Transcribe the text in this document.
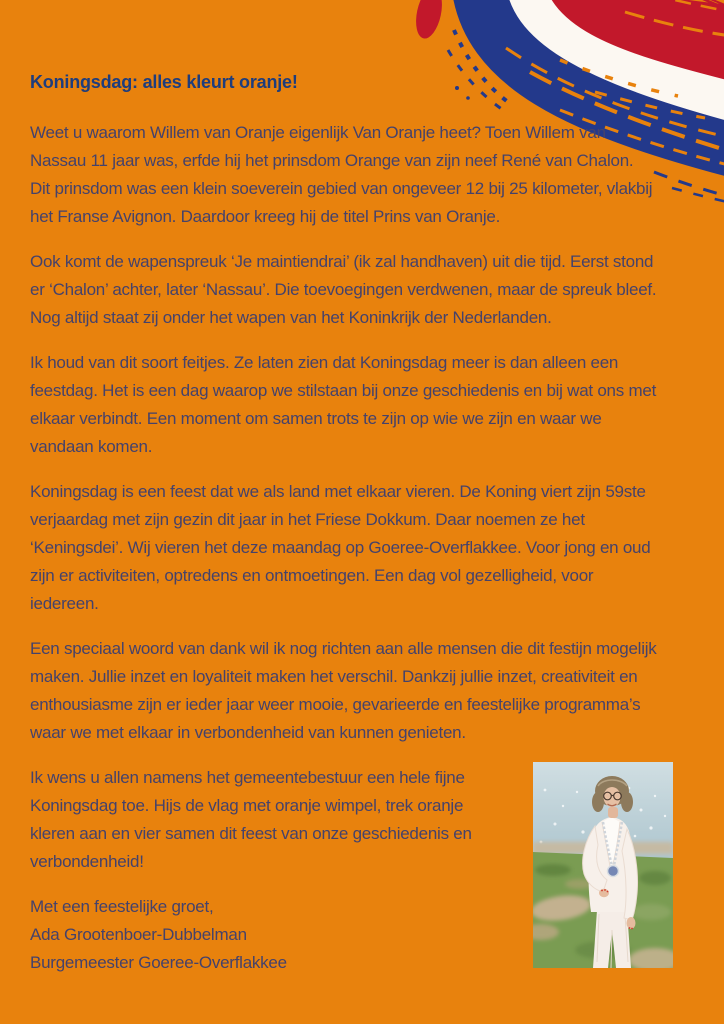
Koningsdag: alles kleurt oranje!

Weet u waarom Willem van Oranje eigenlijk Van Oranje heet? Toen Willem van
Nassau 11 jaar was, erfde hij het prinsdom Orange van zijn neef René van Chalon.
Dit prinsdom was een klein soeverein gebied van ongeveer 12 bij 25 kilometer, vlakbij
het Franse Avignon. Daardoor kreeg hij de titel Prins van Oranje.

Ook komt de wapenspreuk ‘Je maintiendrai’ (ik zal handhaven) uit die tijd. Eerst stond
er ‘Chalon’ achter, later ‘Nassau’. Die toevoegingen verdwenen, maar de spreuk bleef.
Nog altijd staat zij onder het wapen van het Koninkrijk der Nederlanden.

Ik houd van dit soort feitjes. Ze laten zien dat Koningsdag meer is dan alleen een
feestdag. Het is een dag waarop we stilstaan bij onze geschiedenis en bij wat ons met
elkaar verbindt. Een moment om samen trots te zijn op wie we zijn en waar we
vandaan komen.

Koningsdag is een feest dat we als land met elkaar vieren. De Koning viert zijn 59ste
verjaardag met zijn gezin dit jaar in het Friese Dokkum. Daar noemen ze het
‘Keningsdei’. Wij vieren het deze maandag op Goeree-Overflakkee. Voor jong en oud
zijn er activiteiten, optredens en ontmoetingen. Een dag vol gezelligheid, voor
iedereen.

Een speciaal woord van dank wil ik nog richten aan alle mensen die dit festijn mogelijk
maken. Jullie inzet en loyaliteit maken het verschil. Dankzij jullie inzet, creativiteit en
enthousiasme zijn er ieder jaar weer mooie, gevarieerde en feestelijke programma’s
waar we met elkaar in verbondenheid van kunnen genieten.

Ik wens u allen namens het gemeentebestuur een hele fijne
Koningsdag toe. Hijs de vlag met oranje wimpel, trek oranje
kleren aan en vier samen dit feest van onze geschiedenis en
verbondenheid!

Met een feestelijke groet,
Ada Grootenboer-Dubbelman
Burgemeester Goeree-Overflakkee
